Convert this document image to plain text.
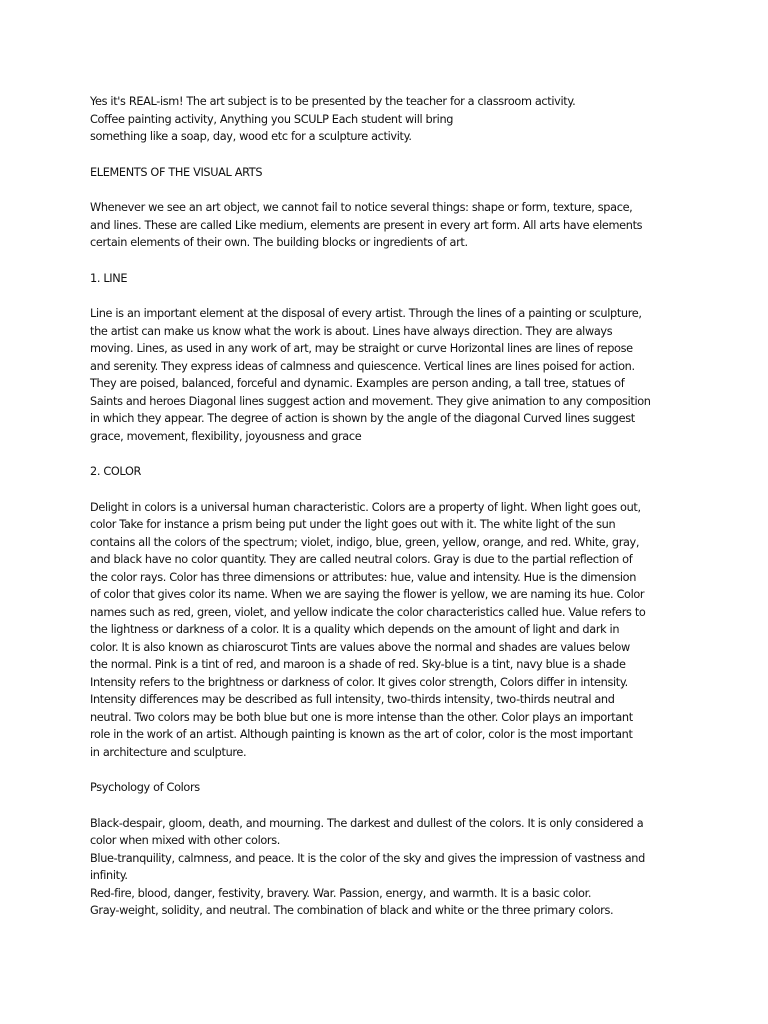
Yes it's REAL-ism! The art subject is to be presented by the teacher for a classroom activity.
Coffee painting activity, Anything you SCULP Each student will bring
something like a soap, day, wood etc for a sculpture activity.

ELEMENTS OF THE VISUAL ARTS

Whenever we see an art object, we cannot fail to notice several things: shape or form, texture, space,
and lines. These are called Like medium, elements are present in every art form. All arts have elements
certain elements of their own. The building blocks or ingredients of art.

1. LINE

Line is an important element at the disposal of every artist. Through the lines of a painting or sculpture,
the artist can make us know what the work is about. Lines have always direction. They are always
moving. Lines, as used in any work of art, may be straight or curve Horizontal lines are lines of repose
and serenity. They express ideas of calmness and quiescence. Vertical lines are lines poised for action.
They are poised, balanced, forceful and dynamic. Examples are person anding, a tall tree, statues of
Saints and heroes Diagonal lines suggest action and movement. They give animation to any composition
in which they appear. The degree of action is shown by the angle of the diagonal Curved lines suggest
grace, movement, flexibility, joyousness and grace

2. COLOR

Delight in colors is a universal human characteristic. Colors are a property of light. When light goes out,
color Take for instance a prism being put under the light goes out with it. The white light of the sun
contains all the colors of the spectrum; violet, indigo, blue, green, yellow, orange, and red. White, gray,
and black have no color quantity. They are called neutral colors. Gray is due to the partial reflection of
the color rays. Color has three dimensions or attributes: hue, value and intensity. Hue is the dimension
of color that gives color its name. When we are saying the flower is yellow, we are naming its hue. Color
names such as red, green, violet, and yellow indicate the color characteristics called hue. Value refers to
the lightness or darkness of a color. It is a quality which depends on the amount of light and dark in
color. It is also known as chiaroscurot Tints are values above the normal and shades are values below
the normal. Pink is a tint of red, and maroon is a shade of red. Sky-blue is a tint, navy blue is a shade
Intensity refers to the brightness or darkness of color. It gives color strength, Colors differ in intensity.
Intensity differences may be described as full intensity, two-thirds intensity, two-thirds neutral and
neutral. Two colors may be both blue but one is more intense than the other. Color plays an important
role in the work of an artist. Although painting is known as the art of color, color is the most important
in architecture and sculpture.

Psychology of Colors

Black-despair, gloom, death, and mourning. The darkest and dullest of the colors. It is only considered a
color when mixed with other colors.
Blue-tranquility, calmness, and peace. It is the color of the sky and gives the impression of vastness and
infinity.
Red-fire, blood, danger, festivity, bravery. War. Passion, energy, and warmth. It is a basic color.
Gray-weight, solidity, and neutral. The combination of black and white or the three primary colors.
